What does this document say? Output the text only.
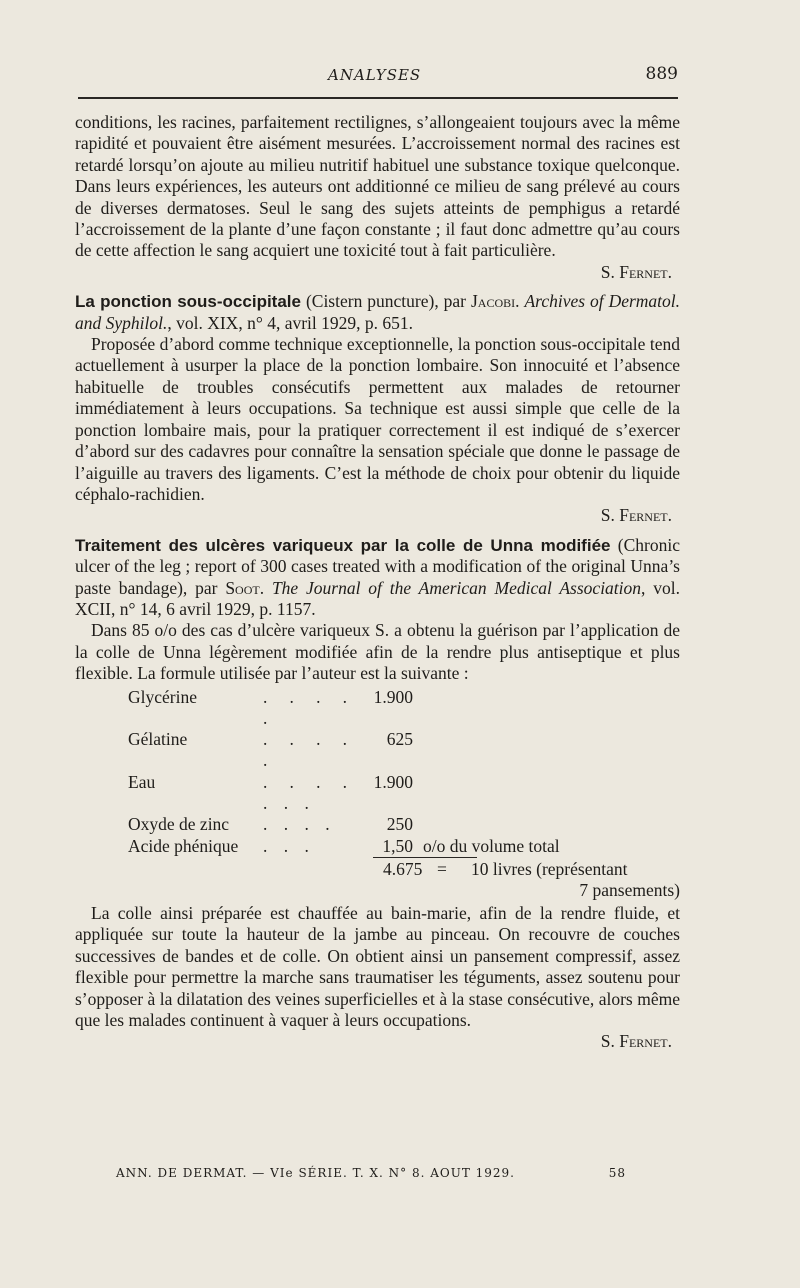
ANALYSES	889

conditions, les racines, parfaitement rectilignes, s’allongeaient toujours avec la même rapidité et pouvaient être aisément mesurées. L’accroissement normal des racines est retardé lorsqu’on ajoute au milieu nutritif habituel une substance toxique quelconque. Dans leurs expériences, les auteurs ont additionné ce milieu de sang prélevé au cours de diverses dermatoses. Seul le sang des sujets atteints de pemphigus a retardé l’accroissement de la plante d’une façon constante ; il faut donc admettre qu’au cours de cette affection le sang acquiert une toxicité tout à fait particulière.

S. Fernet.

La ponction sous-occipitale (Cistern puncture), par Jacobi. Archives of Dermatol. and Syphilol., vol. XIX, n° 4, avril 1929, p. 651.

Proposée d’abord comme technique exceptionnelle, la ponction sous-occipitale tend actuellement à usurper la place de la ponction lombaire. Son innocuité et l’absence habituelle de troubles consécutifs permettent aux malades de retourner immédiatement à leurs occupations. Sa technique est aussi simple que celle de la ponction lombaire mais, pour la pratiquer correctement il est indiqué de s’exercer d’abord sur des cadavres pour connaître la sensation spéciale que donne le passage de l’aiguille au travers des ligaments. C’est la méthode de choix pour obtenir du liquide céphalo-rachidien.

S. Fernet.

Traitement des ulcères variqueux par la colle de Unna modifiée (Chronic ulcer of the leg ; report of 300 cases treated with a modification of the original Unna’s paste bandage), par Soot. The Journal of the American Medical Association, vol. XCII, n° 14, 6 avril 1929, p. 1157.

Dans 85 o/o des cas d’ulcère variqueux S. a obtenu la guérison par l’application de la colle de Unna légèrement modifiée afin de la rendre plus antiseptique et plus flexible. La formule utilisée par l’auteur est la suivante :

Glycérine	. . . . .	1.900	
Gélatine	. . . . .	625	
Eau	. . . . . . .	1.900	
Oxyde de zinc	. . . .	250	
Acide phénique	. . .	1,50	o/o du volume total
4.675 = 10 livres (représentant
7 pansements)

La colle ainsi préparée est chauffée au bain-marie, afin de la rendre fluide, et appliquée sur toute la hauteur de la jambe au pinceau. On recouvre de couches successives de bandes et de colle. On obtient ainsi un pansement compressif, assez flexible pour permettre la marche sans traumatiser les téguments, assez soutenu pour s’opposer à la dilatation des veines superficielles et à la stase consécutive, alors même que les malades continuent à vaquer à leurs occupations.

S. Fernet.

ANN. DE DERMAT. — VIe SÉRIE. T. X. N° 8. AOUT 1929.	58
